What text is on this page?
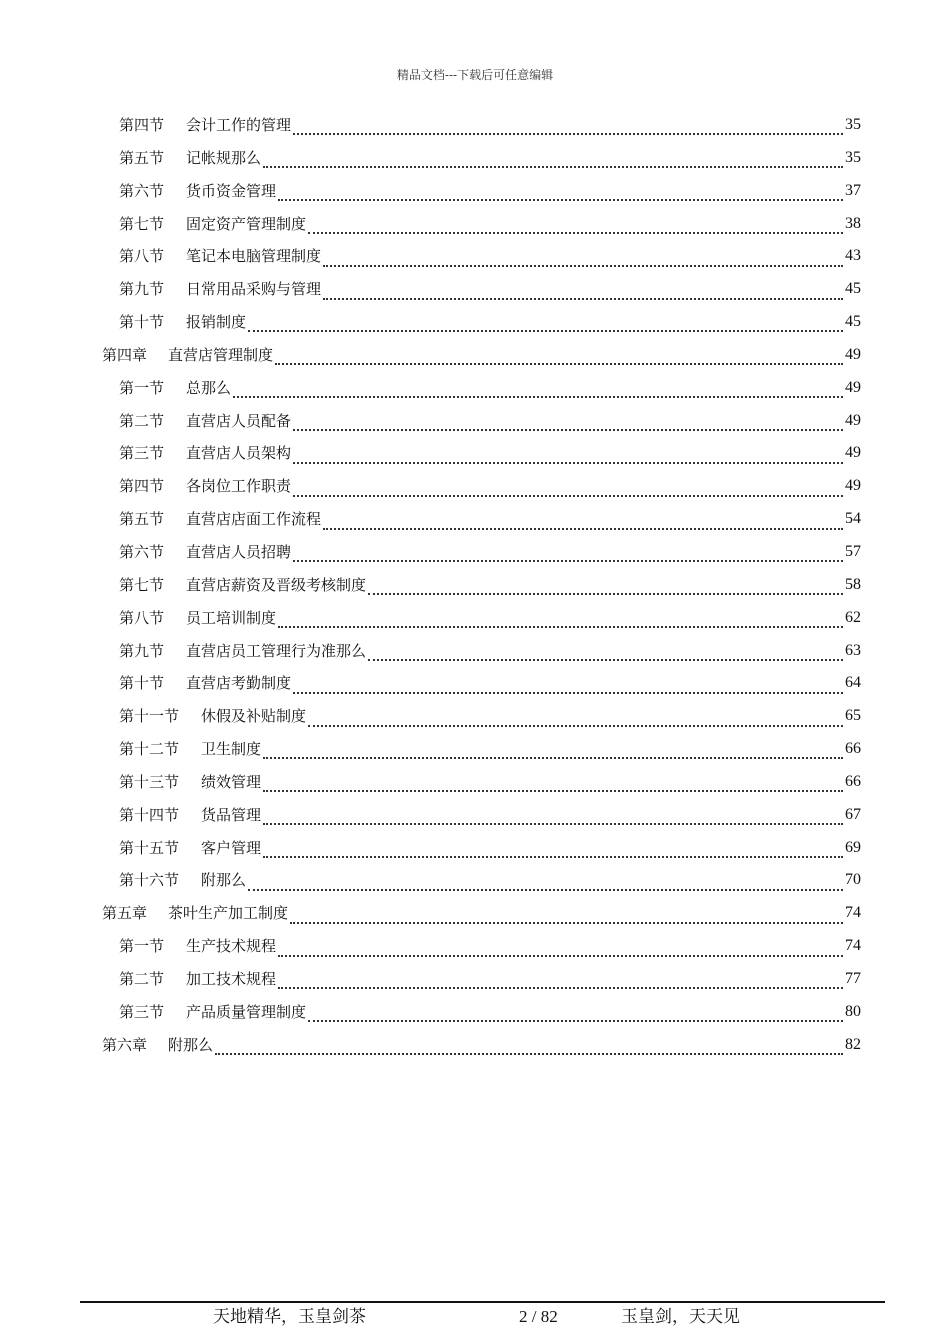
精品文档---下载后可任意编辑
第四节 会计工作的管理	35
第五节 记帐规那么	35
第六节 货币资金管理	37
第七节 固定资产管理制度	38
第八节 笔记本电脑管理制度	43
第九节 日常用品采购与管理	45
第十节 报销制度	45
第四章 直营店管理制度	49
第一节 总那么	49
第二节 直营店人员配备	49
第三节 直营店人员架构	49
第四节 各岗位工作职责	49
第五节 直营店店面工作流程	54
第六节 直营店人员招聘	57
第七节 直营店薪资及晋级考核制度	58
第八节 员工培训制度	62
第九节 直营店员工管理行为准那么	63
第十节 直营店考勤制度	64
第十一节 休假及补贴制度	65
第十二节 卫生制度	66
第十三节 绩效管理	66
第十四节 货品管理	67
第十五节 客户管理	69
第十六节 附那么	70
第五章 茶叶生产加工制度	74
第一节 生产技术规程	74
第二节 加工技术规程	77
第三节 产品质量管理制度	80
第六章 附那么	82
天地精华，玉皇剑茶	2 / 82	玉皇剑，天天见
